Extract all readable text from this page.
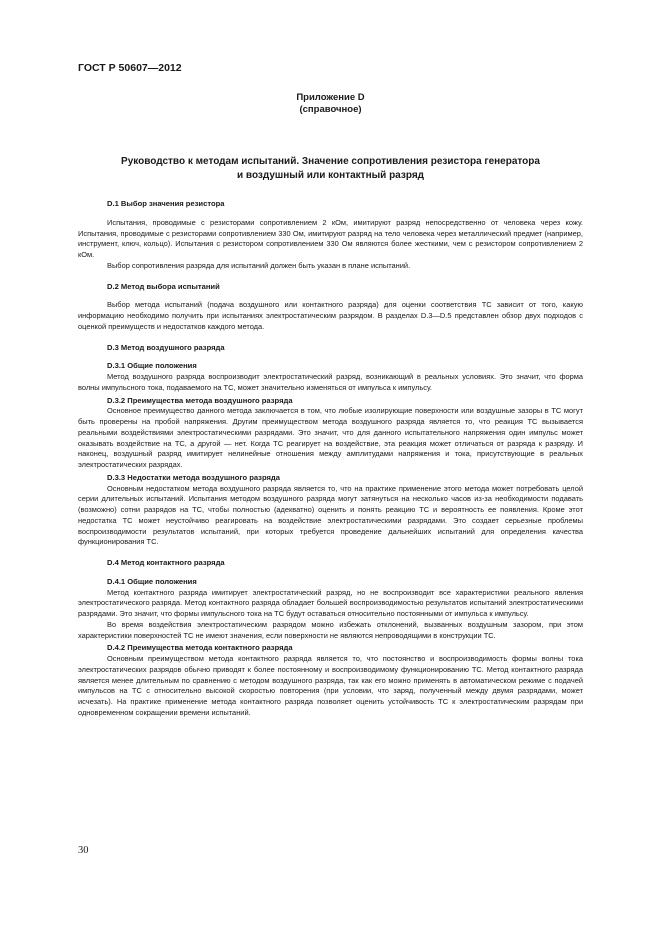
ГОСТ Р 50607—2012
Приложение D
(справочное)
Руководство к методам испытаний. Значение сопротивления резистора генератора
и воздушный или контактный разряд
D.1 Выбор значения резистора

Испытания, проводимые с резисторами сопротивлением 2 кОм, имитируют разряд непосредственно от человека через кожу. Испытания, проводимые с резисторами сопротивлением 330 Ом, имитируют разряд на тело человека через металлический предмет (например, инструмент, ключ, кольцо). Испытания с резистором сопротивлением 330 Ом являются более жесткими, чем с резистором сопротивлением 2 кОм.

Выбор сопротивления разряда для испытаний должен быть указан в плане испытаний.

D.2 Метод выбора испытаний

Выбор метода испытаний (подача воздушного или контактного разряда) для оценки соответствия ТС зависит от того, какую информацию необходимо получить при испытаниях электростатическим разрядом. В разделах D.3—D.5 представлен обзор двух подходов с оценкой преимуществ и недостатков каждого метода.

D.3 Метод воздушного разряда
D.3.1 Общие положения

Метод воздушного разряда воспроизводит электростатический разряд, возникающий в реальных условиях. Это значит, что форма волны импульсного тока, подаваемого на ТС, может значительно изменяться от импульса к импульсу.

D.3.2 Преимущества метода воздушного разряда

Основное преимущество данного метода заключается в том, что любые изолирующие поверхности или воздушные зазоры в ТС могут быть проверены на пробой напряжения. Другим преимуществом метода воздушного разряда является то, что реакция ТС вызывается реальными воздействиями электростатическими разрядами. Это значит, что для данного испытательного напряжения один импульс может оказывать воздействие на ТС, а другой — нет. Когда ТС реагирует на воздействие, эта реакция может отличаться от разряда к разряду. И наконец, воздушный разряд имитирует нелинейные отношения между амплитудами напряжения и тока, присутствующие в реальных электростатических разрядах.

D.3.3 Недостатки метода воздушного разряда

Основным недостатком метода воздушного разряда является то, что на практике применение этого метода может потребовать целой серии длительных испытаний. Испытания методом воздушного разряда могут затянуться на несколько часов из-за необходимости подавать (возможно) сотни разрядов на ТС, чтобы полностью (адекватно) оценить и понять реакцию ТС и вероятность ее появления. Кроме этот недостатка ТС может неустойчиво реагировать на воздействие электростатическими разрядами. Это создает серьезные проблемы воспроизводимости результатов испытаний, при которых требуется проведение дальнейших испытаний для определения качества функционирования ТС.

D.4 Метод контактного разряда
D.4.1 Общие положения

Метод контактного разряда имитирует электростатический разряд, но не воспроизводит все характеристики реального явления электростатического разряда. Метод контактного разряда обладает большей воспроизводимостью результатов испытаний электростатическими разрядами. Это значит, что формы импульсного тока на ТС будут оставаться относительно постоянными от импульса к импульсу.

Во время воздействия электростатическим разрядом можно избежать отклонений, вызванных воздушным зазором, при этом характеристики поверхностей ТС не имеют значения, если поверхности не являются непроводящими в конструкции ТС.

D.4.2 Преимущества метода контактного разряда

Основным преимуществом метода контактного разряда является то, что постоянство и воспроизводимость формы волны тока электростатических разрядов обычно приводят к более постоянному и воспроизводимому функционированию ТС. Метод контактного разряда является менее длительным по сравнению с методом воздушного разряда, так как его можно применять в автоматическом режиме с подачей импульсов на ТС с относительно высокой скоростью повторения (при условии, что заряд, полученный между двумя разрядами, может исчезать). На практике применение метода контактного разряда позволяет оценить устойчивость ТС к электростатическим разрядам при одновременном сокращении времени испытаний.

30
